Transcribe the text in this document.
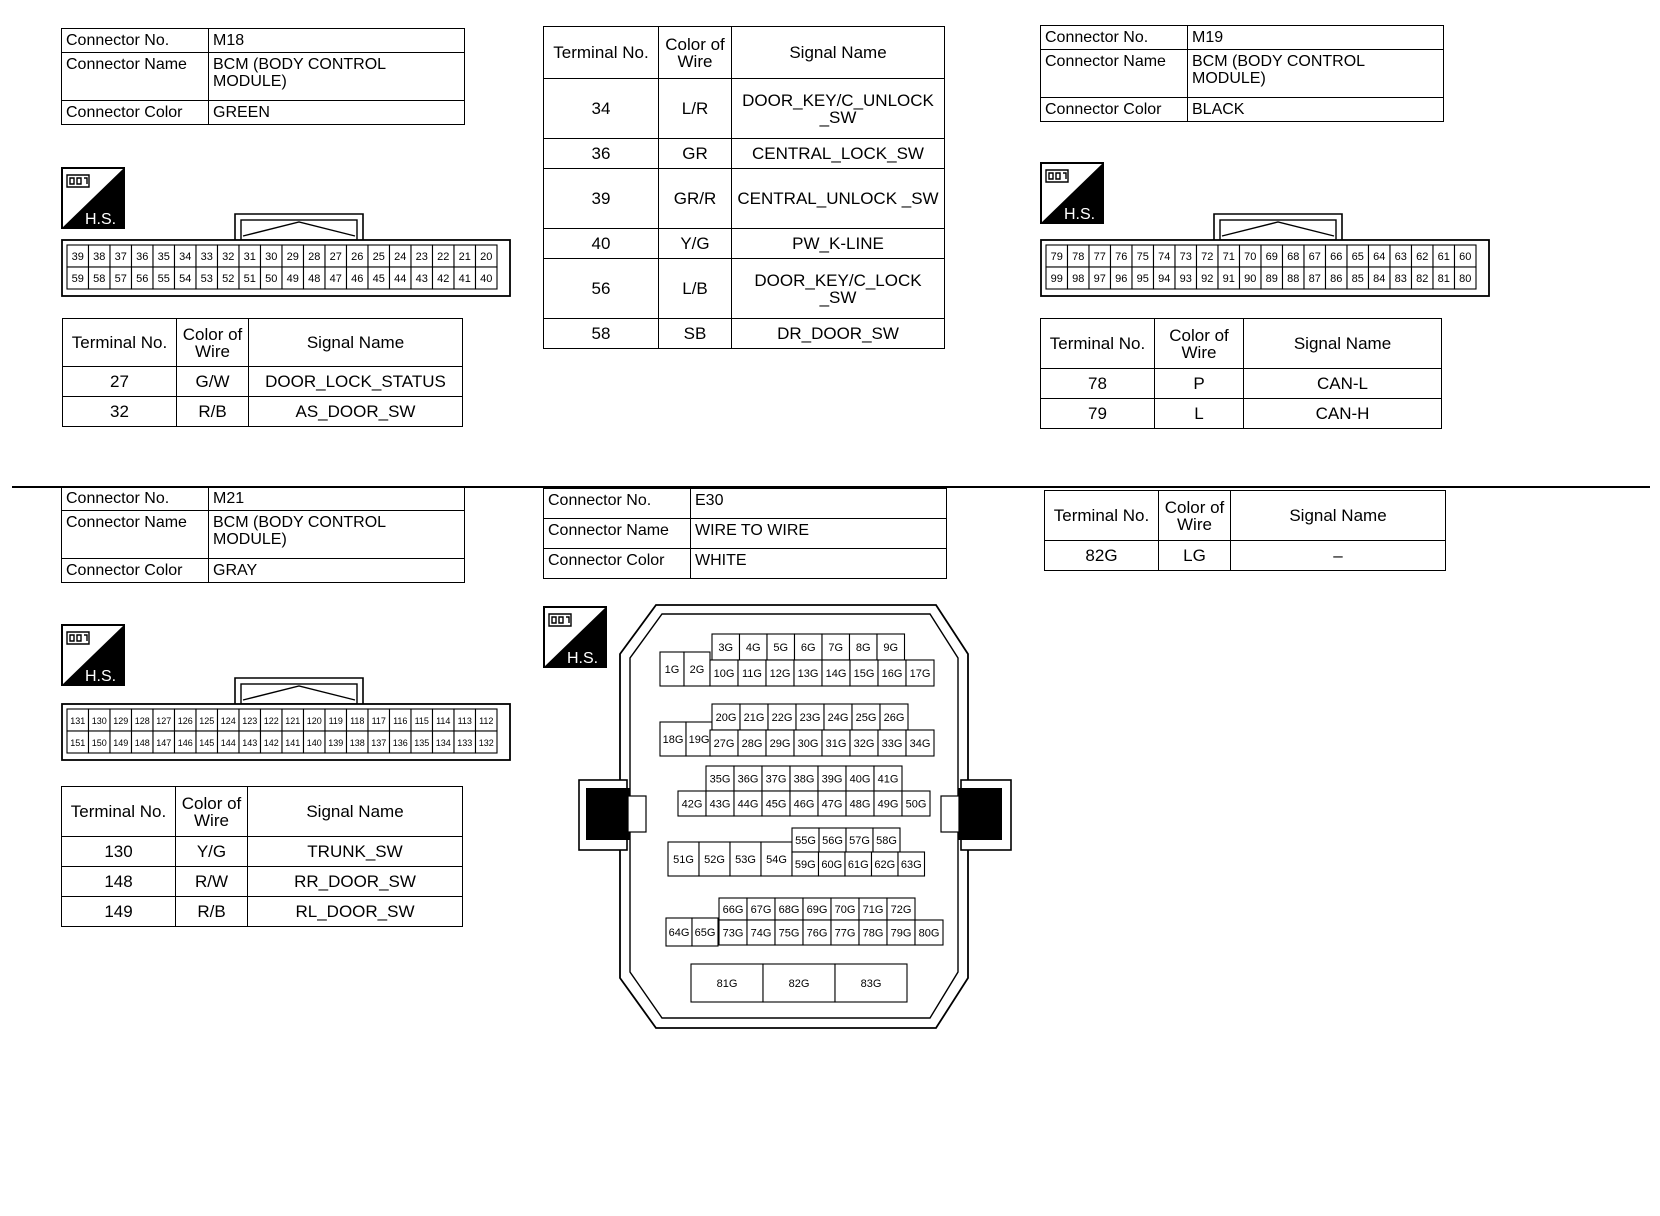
Connector No.	M18
Connector Name	BCM (BODY CONTROL MODULE)
Connector Color	GREEN
H.S.
39 38 37 36 35 34 33 32 31 30 29 28 27 26 25 24 23 22 21 20
59 58 57 56 55 54 53 52 51 50 49 48 47 46 45 44 43 42 41 40
Terminal No.	Color of Wire	Signal Name
27	G/W	DOOR_LOCK_STATUS
32	R/B	AS_DOOR_SW
Terminal No.	Color of Wire	Signal Name
34	L/R	DOOR_KEY/C_UNLOCK _SW
36	GR	CENTRAL_LOCK_SW
39	GR/R	CENTRAL_UNLOCK _SW
40	Y/G	PW_K-LINE
56	L/B	DOOR_KEY/C_LOCK _SW
58	SB	DR_DOOR_SW
Connector No.	M19
Connector Name	BCM (BODY CONTROL MODULE)
Connector Color	BLACK
H.S.
79 78 77 76 75 74 73 72 71 70 69 68 67 66 65 64 63 62 61 60
99 98 97 96 95 94 93 92 91 90 89 88 87 86 85 84 83 82 81 80
Terminal No.	Color of Wire	Signal Name
78	P	CAN-L
79	L	CAN-H
Connector No.	M21
Connector Name	BCM (BODY CONTROL MODULE)
Connector Color	GRAY
H.S.
131 130 129 128 127 126 125 124 123 122 121 120 119 118 117 116 115 114 113 112
151 150 149 148 147 146 145 144 143 142 141 140 139 138 137 136 135 134 133 132
Terminal No.	Color of Wire	Signal Name
130	Y/G	TRUNK_SW
148	R/W	RR_DOOR_SW
149	R/B	RL_DOOR_SW
Connector No.	E30
Connector Name	WIRE TO WIRE
Connector Color	WHITE
H.S.
1G 2G
3G 4G 5G 6G 7G 8G 9G
10G 11G 12G 13G 14G 15G 16G 17G
18G 19G
20G 21G 22G 23G 24G 25G 26G
27G 28G 29G 30G 31G 32G 33G 34G
35G 36G 37G 38G 39G 40G 41G
42G 43G 44G 45G 46G 47G 48G 49G 50G
51G 52G 53G 54G
55G 56G 57G 58G
59G 60G 61G 62G 63G
64G 65G
66G 67G 68G 69G 70G 71G 72G
73G 74G 75G 76G 77G 78G 79G 80G
81G	82G	83G
Terminal No.	Color of Wire	Signal Name
82G	LG	–
